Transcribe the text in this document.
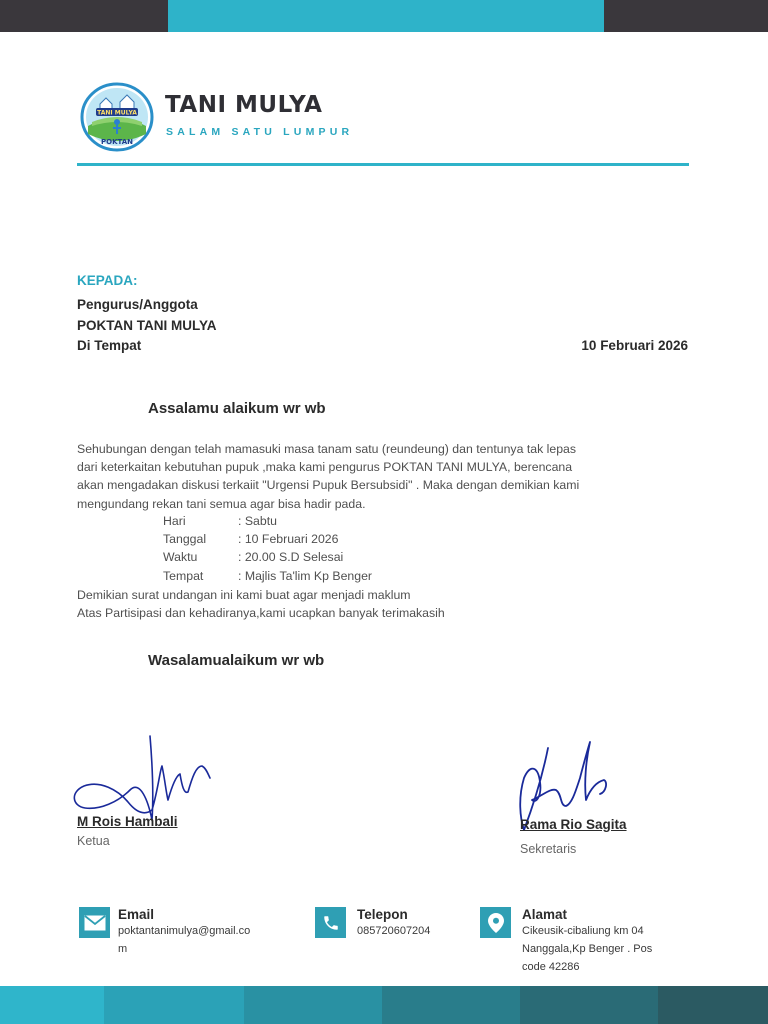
TANI MULYA
POKTAN
TANI MULYA
SALAM SATU LUMPUR
KEPADA:
Pengurus/Anggota
POKTAN TANI MULYA
Di Tempat	10 Februari 2026
Assalamu alaikum wr wb
Sehubungan dengan telah mamasuki masa tanam satu (reundeung) dan tentunya tak lepas
dari keterkaitan kebutuhan pupuk ,maka kami pengurus POKTAN TANI MULYA, berencana
akan mengadakan diskusi terkaiit "Urgensi Pupuk Bersubsidi" . Maka dengan demikian kami
mengundang rekan tani semua agar bisa hadir pada.
Hari	: Sabtu
Tanggal	: 10 Februari 2026
Waktu	: 20.00 S.D Selesai
Tempat	: Majlis Ta'lim Kp Benger
Demikian surat undangan ini kami buat agar menjadi maklum
Atas Partisipasi dan kehadiranya,kami ucapkan banyak terimakasih
Wasalamualaikum wr wb
M Rois Hambali
Ketua
Rama Rio Sagita
Sekretaris
Email
poktantanimulya@gmail.co
m
Telepon
085720607204
Alamat
Cikeusik-cibaliung km 04
Nanggala,Kp Benger . Pos
code 42286
